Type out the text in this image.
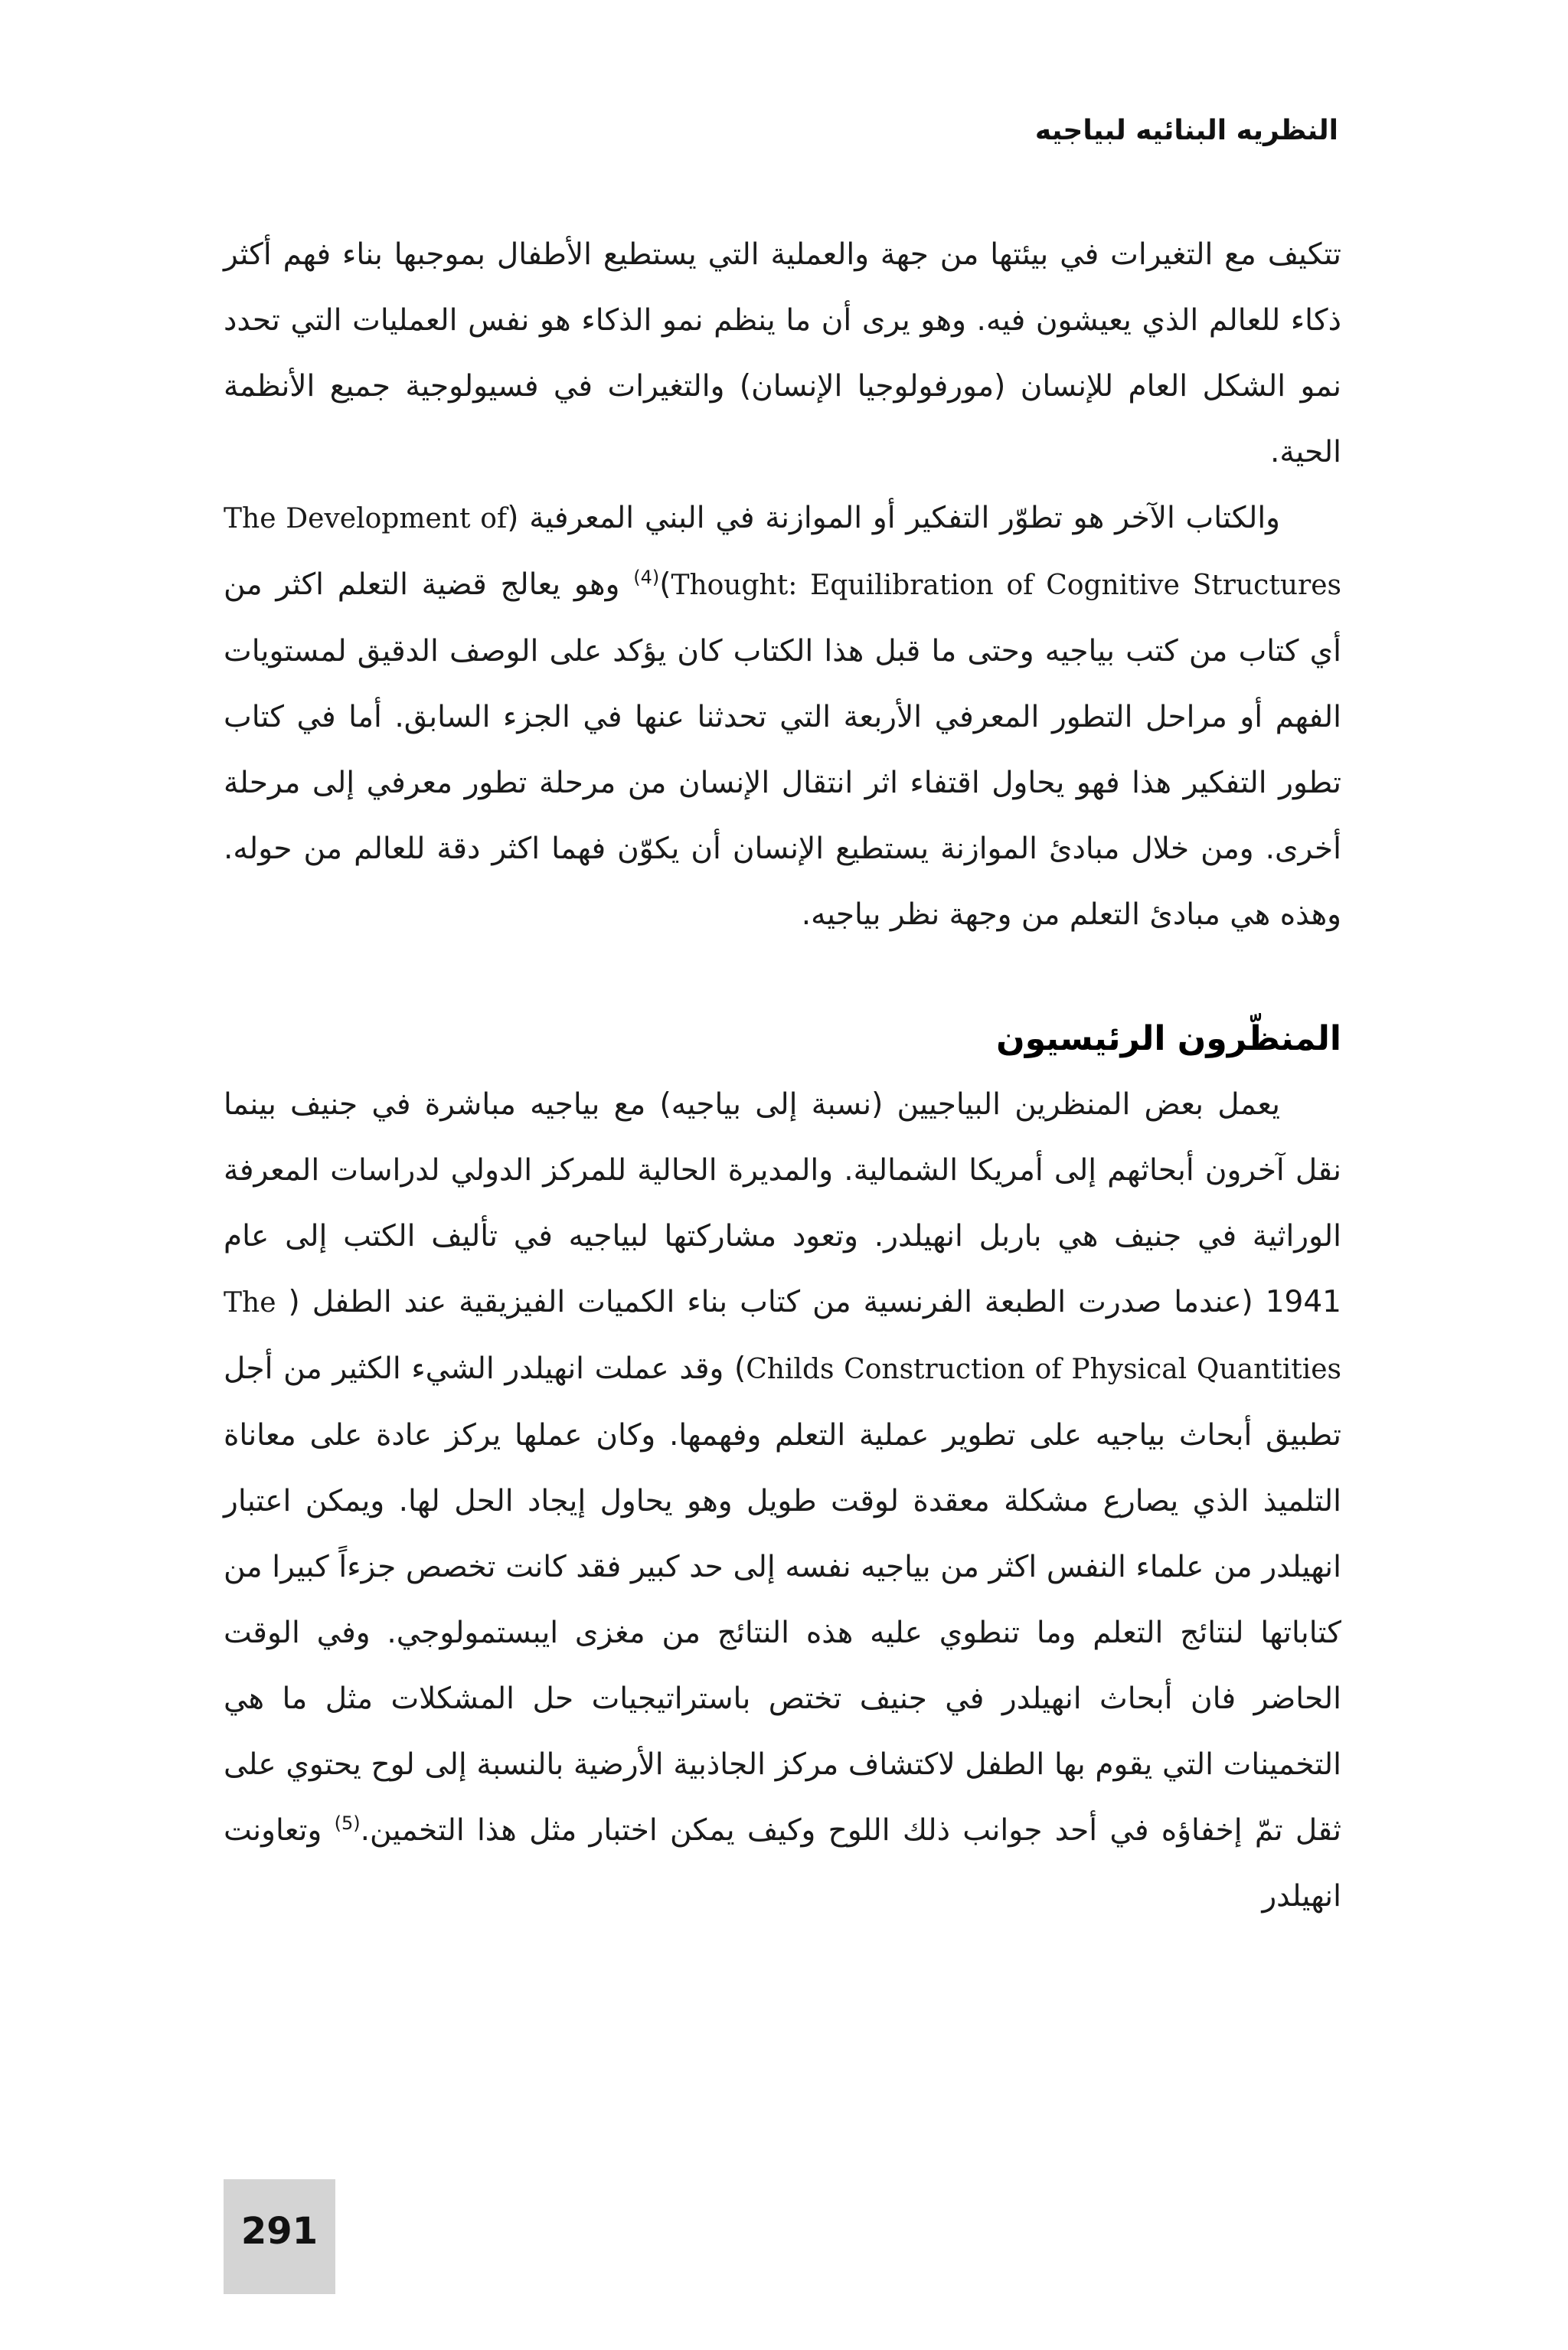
النظريه البنائيه لبياجيه

تتكيف مع التغيرات في بيئتها من جهة والعملية التي يستطيع الأطفال بموجبها بناء فهم أكثر ذكاء للعالم الذي يعيشون فيه. وهو يرى أن ما ينظم نمو الذكاء هو نفس العمليات التي تحدد نمو الشكل العام للإنسان (مورفولوجيا الإنسان) والتغيرات في فسيولوجية جميع الأنظمة الحية.

والكتاب الآخر هو تطوّر التفكير أو الموازنة في البني المعرفية (The Development of Thought: Equilibration of Cognitive Structures)$^{(4)}$ وهو يعالج قضية التعلم اكثر من أي كتاب من كتب بياجيه وحتى ما قبل هذا الكتاب كان يؤكد على الوصف الدقيق لمستويات الفهم أو مراحل التطور المعرفي الأربعة التي تحدثنا عنها في الجزء السابق. أما في كتاب تطور التفكير هذا فهو يحاول اقتفاء اثر انتقال الإنسان من مرحلة تطور معرفي إلى مرحلة أخرى. ومن خلال مبادئ الموازنة يستطيع الإنسان أن يكوّن فهما اكثر دقة للعالم من حوله. وهذه هي مبادئ التعلم من وجهة نظر بياجيه.

المنظّرون الرئيسيون

يعمل بعض المنظرين البياجيين (نسبة إلى بياجيه) مع بياجيه مباشرة في جنيف بينما نقل آخرون أبحاثهم إلى أمريكا الشمالية. والمديرة الحالية للمركز الدولي لدراسات المعرفة الوراثية في جنيف هي باربل انهيلدر. وتعود مشاركتها لبياجيه في تأليف الكتب إلى عام 1941 (عندما صدرت الطبعة الفرنسية من كتاب بناء الكميات الفيزيقية عند الطفل ( The Childs Construction of Physical Quantities) وقد عملت انهيلدر الشيء الكثير من أجل تطبيق أبحاث بياجيه على تطوير عملية التعلم وفهمها. وكان عملها يركز عادة على معاناة التلميذ الذي يصارع مشكلة معقدة لوقت طويل وهو يحاول إيجاد الحل لها. ويمكن اعتبار انهيلدر من علماء النفس اكثر من بياجيه نفسه إلى حد كبير فقد كانت تخصص جزءاً كبيرا من كتاباتها لنتائج التعلم وما تنطوي عليه هذه النتائج من مغزى ايبستمولوجي. وفي الوقت الحاضر فان أبحاث انهيلدر في جنيف تختص باستراتيجيات حل المشكلات مثل ما هي التخمينات التي يقوم بها الطفل لاكتشاف مركز الجاذبية الأرضية بالنسبة إلى لوح يحتوي على ثقل تمّ إخفاؤه في أحد جوانب ذلك اللوح وكيف يمكن اختبار مثل هذا التخمين.$^{(5)}$ وتعاونت انهيلدر

291
